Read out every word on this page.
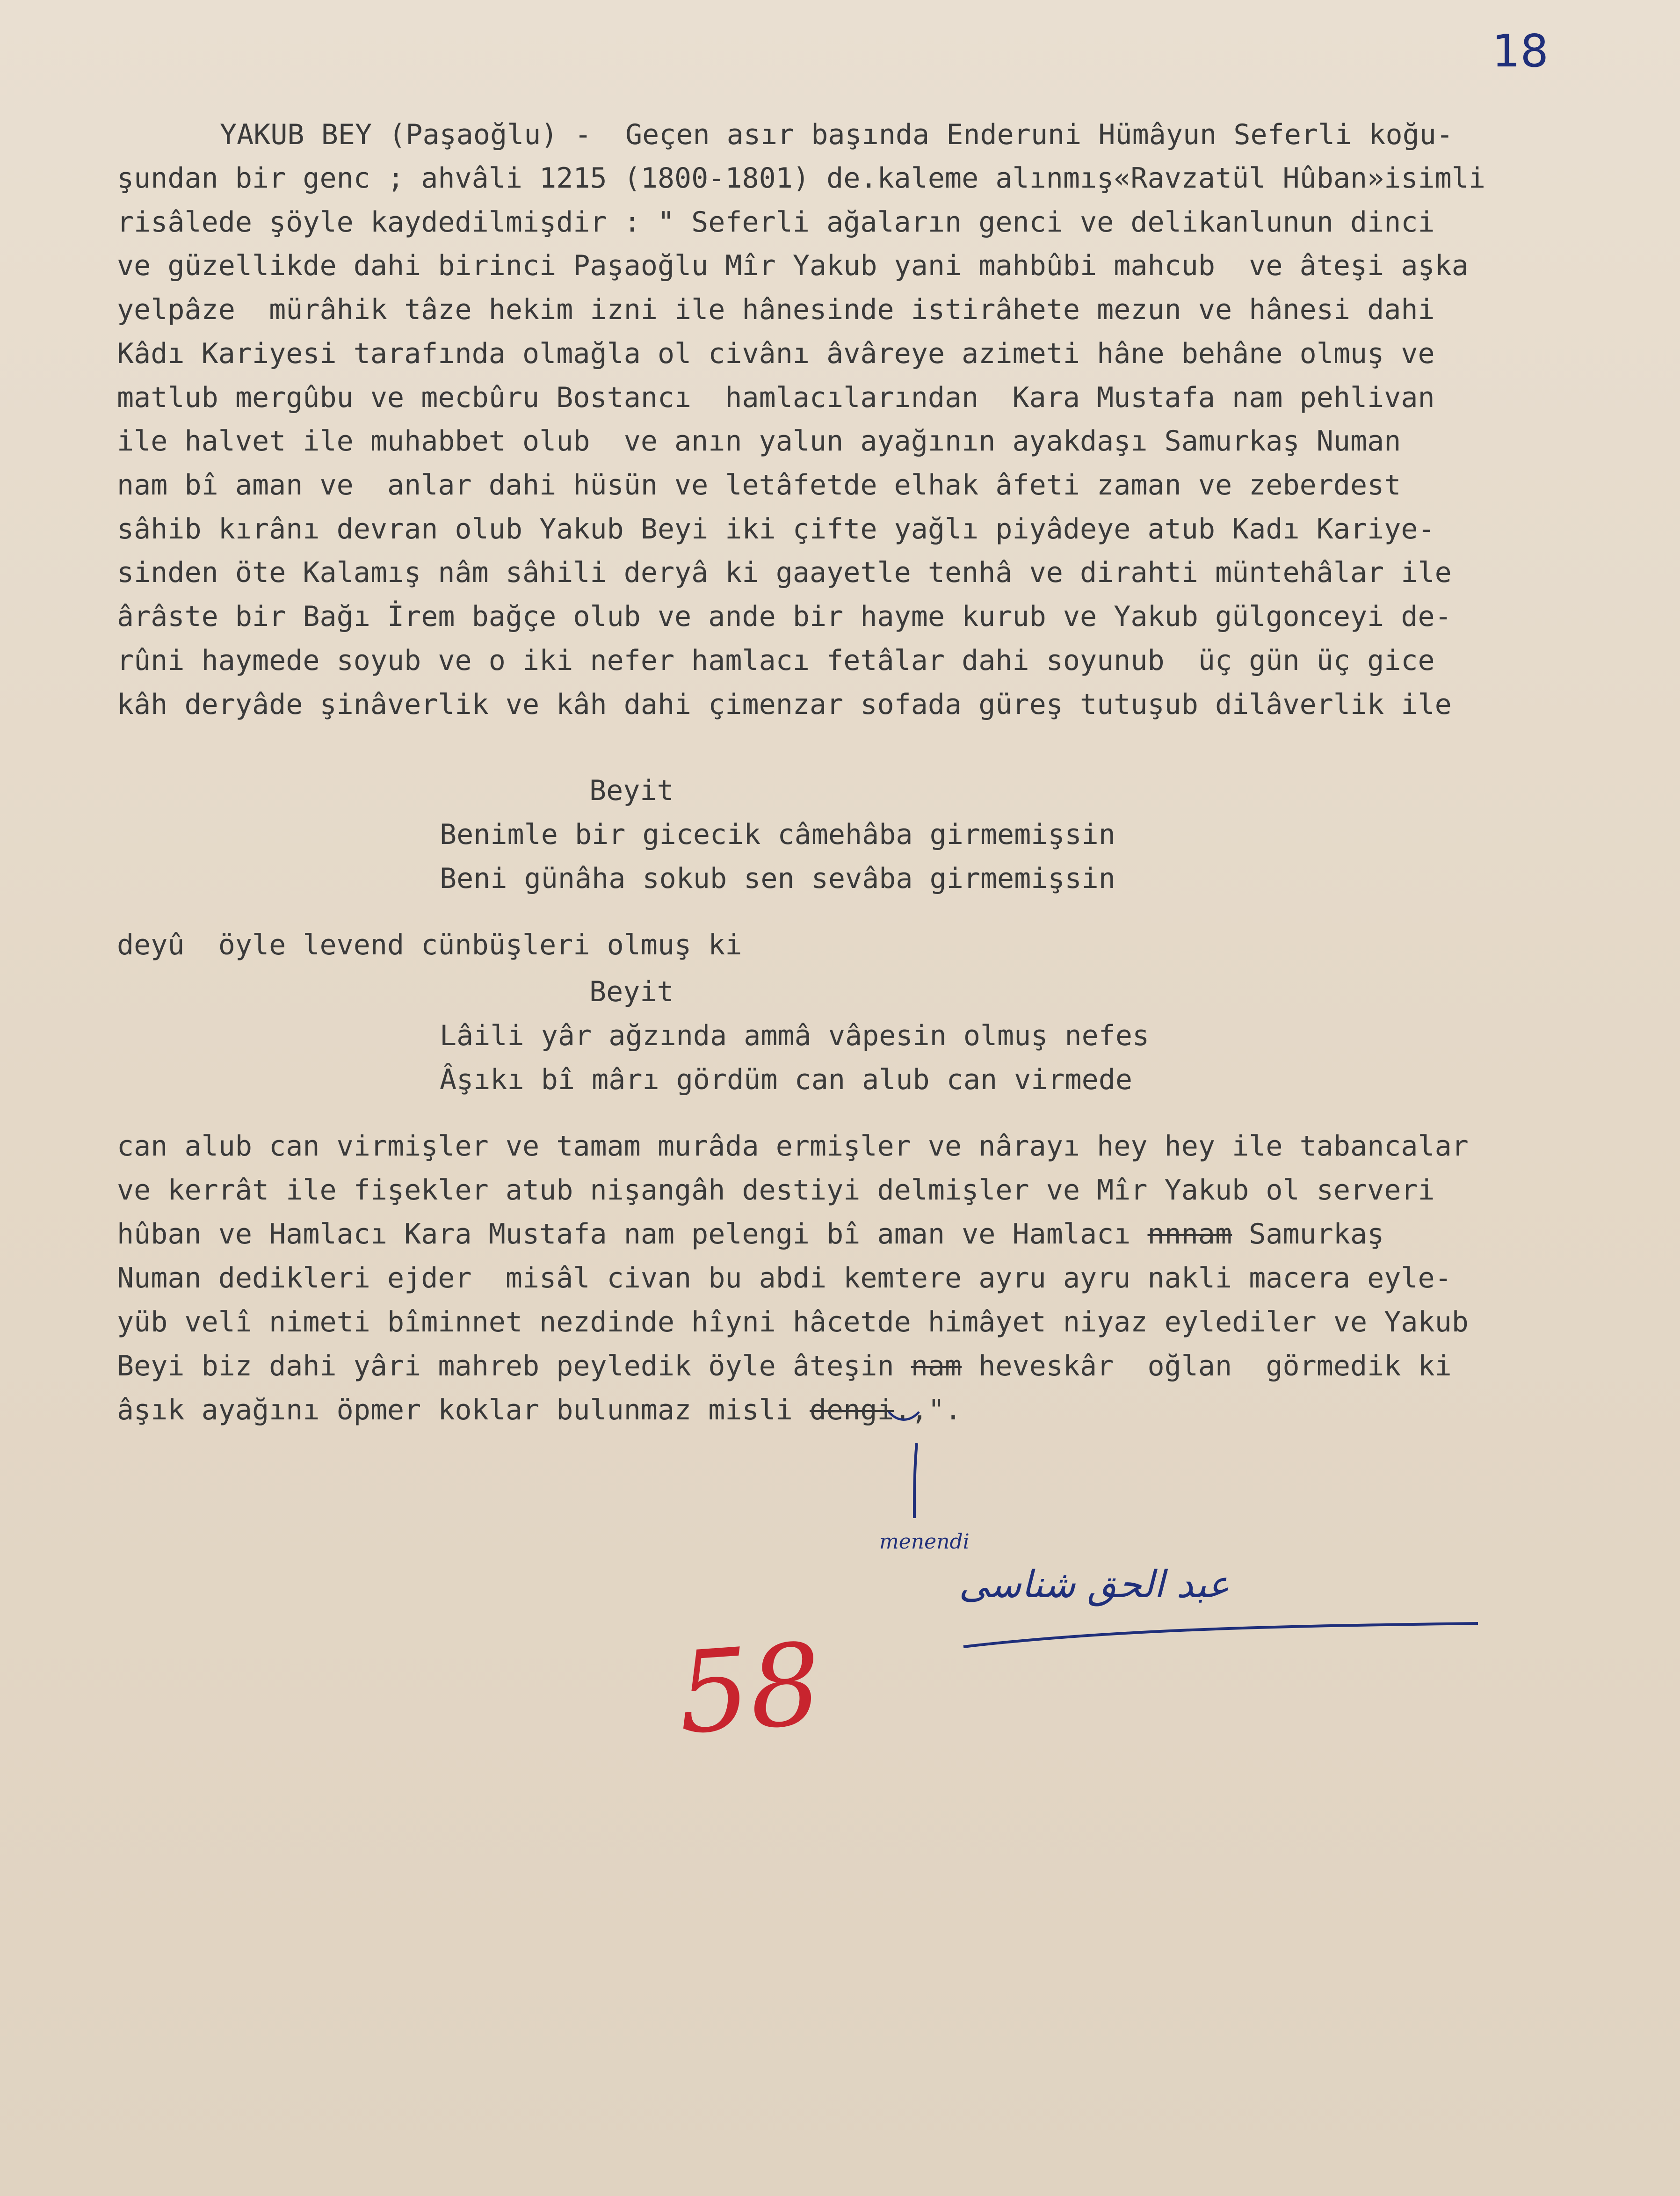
18
YAKUB BEY (Paşaoğlu) -  Geçen asır başında Enderuni Hümâyun Seferli koğu-
şundan bir genc ; ahvâli 1215 (1800-1801) de.kaleme alınmış«Ravzatül Hûban»isimli
risâlede şöyle kaydedilmişdir : " Seferli ağaların genci ve delikanlunun dinci
ve güzellikde dahi birinci Paşaoğlu Mîr Yakub yani mahbûbi mahcub  ve âteşi aşka
yelpâze  mürâhik tâze hekim izni ile hânesinde istirâhete mezun ve hânesi dahi
Kâdı Kariyesi tarafında olmağla ol civânı âvâreye azimeti hâne behâne olmuş ve
matlub mergûbu ve mecbûru Bostancı  hamlacılarından  Kara Mustafa nam pehlivan
ile halvet ile muhabbet olub  ve anın yalun ayağının ayakdaşı Samurkaş Numan
nam bî aman ve  anlar dahi hüsün ve letâfetde elhak âfeti zaman ve zeberdest
sâhib kırânı devran olub Yakub Beyi iki çifte yağlı piyâdeye atub Kadı Kariye-
sinden öte Kalamış nâm sâhili deryâ ki gaayetle tenhâ ve dirahti müntehâlar ile
ârâste bir Bağı İrem bağçe olub ve ande bir hayme kurub ve Yakub gülgonceyi de-
rûni haymede soyub ve o iki nefer hamlacı fetâlar dahi soyunub  üç gün üç gice
kâh deryâde şinâverlik ve kâh dahi çimenzar sofada güreş tutuşub dilâverlik ile
Beyit
Benimle bir gicecik câmehâba girmemişsin
Beni günâha sokub sen sevâba girmemişsin
deyû  öyle levend cünbüşleri olmuş ki
Beyit
Lâili yâr ağzında ammâ vâpesin olmuş nefes
Âşıkı bî mârı gördüm can alub can virmede
can alub can virmişler ve tamam murâda ermişler ve nârayı hey hey ile tabancalar
ve kerrât ile fişekler atub nişangâh destiyi delmişler ve Mîr Yakub ol serveri
hûban ve Hamlacı Kara Mustafa nam pelengi bî aman ve Hamlacı nnnam Samurkaş
Numan dedikleri ejder  misâl civan bu abdi kemtere ayru ayru nakli macera eyle-
yüb velî nimeti bîminnet nezdinde hîyni hâcetde himâyet niyaz eylediler ve Yakub
Beyi biz dahi yâri mahreb peyledik öyle âteşin nam heveskâr  oğlan  görmedik ki
âşık ayağını öpmer koklar bulunmaz misli dengi.,".
menendi
عبد الحق شناسی
58
